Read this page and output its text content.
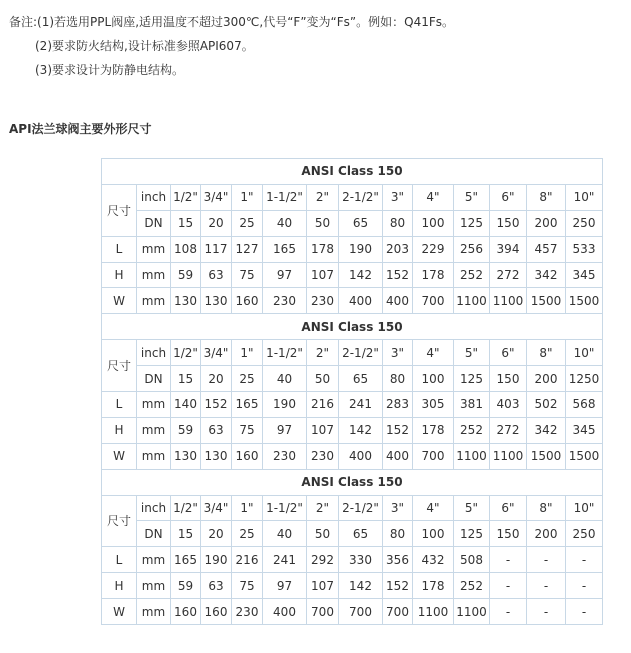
备注:(1)若选用PPL阀座,适用温度不超过300℃,代号“F”变为“Fs”。例如：Q41Fs。
(2)要求防火结构,设计标准参照API607。
(3)要求设计为防静电结构。
API法兰球阀主要外形尺寸
ANSI Class 150													
尺寸	inch	1/2"	3/4"	1"	1-1/2"	2"	2-1/2"	3"	4"	5"	6"	8"	10"
	DN	15	20	25	40	50	65	80	100	125	150	200	250
L	mm	108	117	127	165	178	190	203	229	256	394	457	533
H	mm	59	63	75	97	107	142	152	178	252	272	342	345
W	mm	130	130	160	230	230	400	400	700	1100	1100	1500	1500
ANSI Class 150													
尺寸	inch	1/2"	3/4"	1"	1-1/2"	2"	2-1/2"	3"	4"	5"	6"	8"	10"
	DN	15	20	25	40	50	65	80	100	125	150	200	1250
L	mm	140	152	165	190	216	241	283	305	381	403	502	568
H	mm	59	63	75	97	107	142	152	178	252	272	342	345
W	mm	130	130	160	230	230	400	400	700	1100	1100	1500	1500
ANSI Class 150													
尺寸	inch	1/2"	3/4"	1"	1-1/2"	2"	2-1/2"	3"	4"	5"	6"	8"	10"
	DN	15	20	25	40	50	65	80	100	125	150	200	250
L	mm	165	190	216	241	292	330	356	432	508	-	-	-
H	mm	59	63	75	97	107	142	152	178	252	-	-	-
W	mm	160	160	230	400	700	700	700	1100	1100	-	-	-
